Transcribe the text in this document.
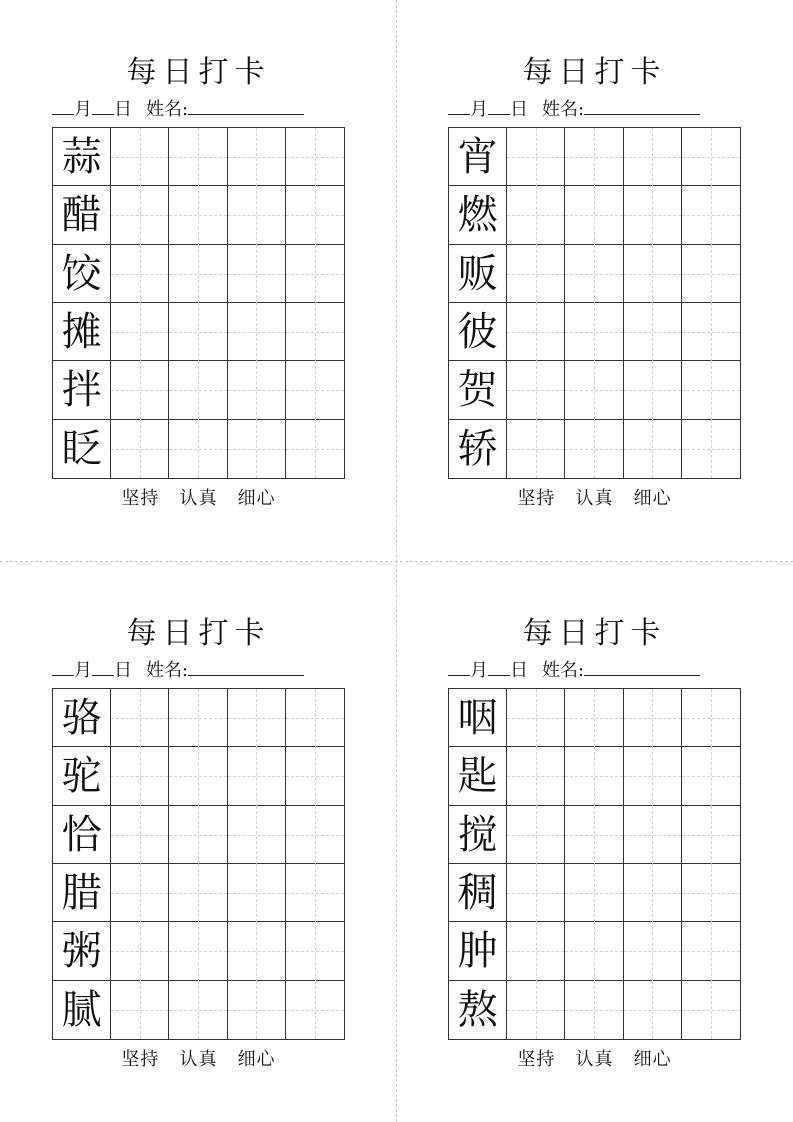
每日打卡
月 日 姓名:
蒜
醋
饺
摊
拌
眨
坚持   认真   细心
每日打卡
月 日 姓名:
宵
燃
贩
彼
贺
轿
坚持   认真   细心
每日打卡
月 日 姓名:
骆
驼
恰
腊
粥
腻
坚持   认真   细心
每日打卡
月 日 姓名:
咽
匙
搅
稠
肿
熬
坚持   认真   细心
